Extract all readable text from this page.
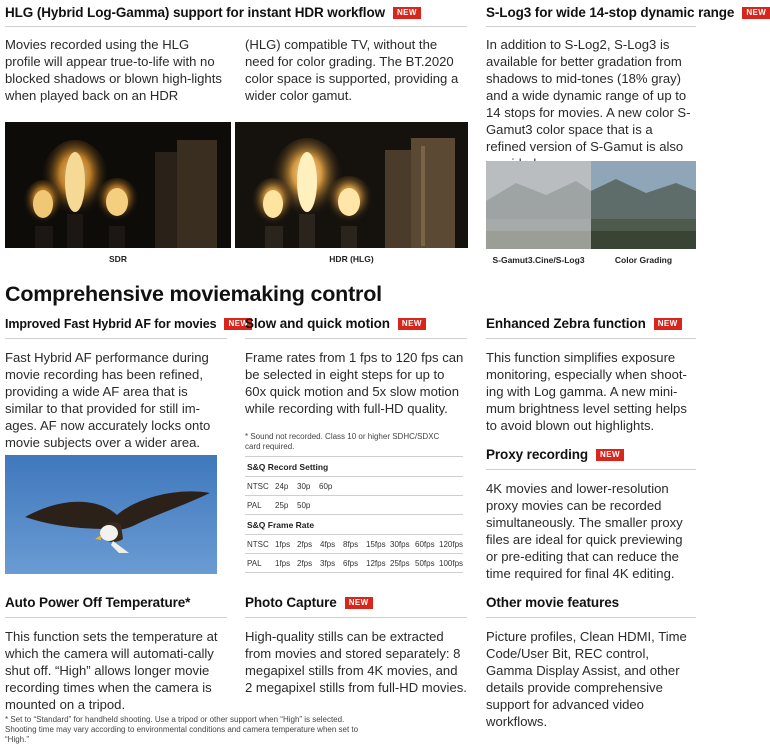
HLG (Hybrid Log-Gamma) support for instant HDR workflow NEW
Movies recorded using the HLG profile will appear true-to-life with no blocked shadows or blown high-lights when played back on an HDR
(HLG) compatible TV, without the need for color grading. The BT.2020 color space is supported, providing a wider color gamut.
SDR	HDR (HLG)
S-Log3 for wide 14-stop dynamic range NEW
In addition to S-Log2, S-Log3 is available for better gradation from shadows to mid-tones (18% gray) and a wide dynamic range of up to 14 stops for movies. A new color S-Gamut3 color space that is a refined version of S-Gamut is also
S-Gamut3.Cine/S-Log3	Color Grading
Comprehensive moviemaking control
Improved Fast Hybrid AF for movies NEW
Fast Hybrid AF performance during movie recording has been refined, providing a wide AF area that is similar to that provided for still im-ages. AF now accurately locks onto movie subjects over a wider area.
Slow and quick motion NEW
Frame rates from 1 fps to 120 fps can be selected in eight steps for up to 60x quick motion and 5x slow motion while recording with full-HD quality.
* Sound not recorded. Class 10 or higher SDHC/SDXC card required.
S&Q Record Setting
NTSC 24p 30p 60p
PAL 25p 50p
S&Q Frame Rate
NTSC 1fps 2fps 4fps 8fps 15fps 30fps 60fps 120fps
PAL 1fps 2fps 3fps 6fps 12fps 25fps 50fps 100fps
Enhanced Zebra function NEW
This function simplifies exposure monitoring, especially when shoot-ing with Log gamma. A new mini-mum brightness level setting helps to avoid blown out highlights.
Proxy recording NEW
4K movies and lower-resolution proxy movies can be recorded simultaneously. The smaller proxy files are ideal for quick previewing or pre-editing that can reduce the time required for final 4K editing.
Auto Power Off Temperature*
This function sets the temperature at which the camera will automati-cally shut off. “High” allows longer movie recording times when the camera is mounted on a tripod.
* Set to “Standard” for handheld shooting. Use a tripod or other support when “High” is selected. Shooting time may vary according to environmental conditions and camera temperature when set to “High.”
Photo Capture NEW
High-quality stills can be extracted from movies and stored separately: 8 megapixel stills from 4K movies, and 2 megapixel stills from full-HD movies.
Other movie features
Picture profiles, Clean HDMI, Time Code/User Bit, REC control, Gamma Display Assist, and other details provide comprehensive support for advanced video workflows.
